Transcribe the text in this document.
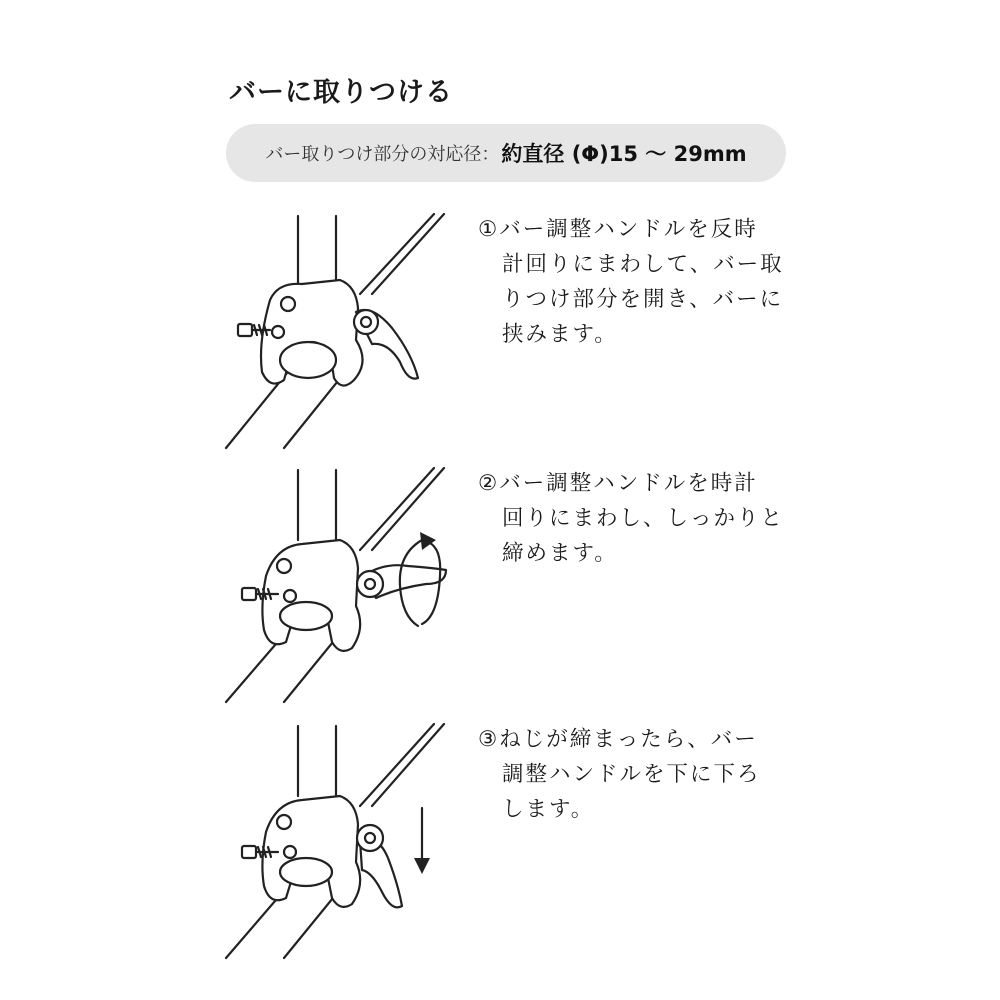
バーに取りつける
バー取りつけ部分の対応径： 約直径 (Φ)15 ～ 29mm
①バー調整ハンドルを反時
計回りにまわして、バー取
りつけ部分を開き、バーに
挟みます。
②バー調整ハンドルを時計
回りにまわし、しっかりと
締めます。
③ねじが締まったら、バー
調整ハンドルを下に下ろ
します。
